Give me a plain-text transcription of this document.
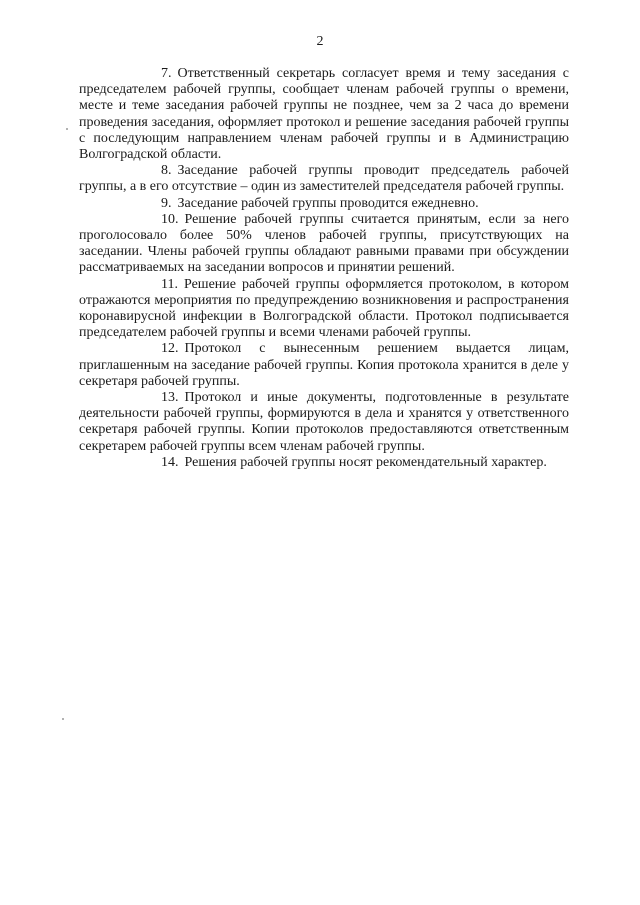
2

7. Ответственный секретарь согласует время и тему заседания с председателем рабочей группы, сообщает членам рабочей группы о времени, месте и теме заседания рабочей группы не позднее, чем за 2 часа до времени проведения заседания, оформляет протокол и решение заседания рабочей группы с последующим направлением членам рабочей группы и в Администрацию Волгоградской области.

8. Заседание рабочей группы проводит председатель рабочей группы, а в его отсутствие – один из заместителей председателя рабочей группы.

9. Заседание рабочей группы проводится ежедневно.

10. Решение рабочей группы считается принятым, если за него проголосовало более 50% членов рабочей группы, присутствующих на заседании. Члены рабочей группы обладают равными правами при обсуждении рассматриваемых на заседании вопросов и принятии решений.

11. Решение рабочей группы оформляется протоколом, в котором отражаются мероприятия по предупреждению возникновения и распространения коронавирусной инфекции в Волгоградской области. Протокол подписывается председателем рабочей группы и всеми членами рабочей группы.

12. Протокол с вынесенным решением выдается лицам, приглашенным на заседание рабочей группы. Копия протокола хранится в деле у секретаря рабочей группы.

13. Протокол и иные документы, подготовленные в результате деятельности рабочей группы, формируются в дела и хранятся у ответственного секретаря рабочей группы. Копии протоколов предоставляются ответственным секретарем рабочей группы всем членам рабочей группы.

14. Решения рабочей группы носят рекомендательный характер.
